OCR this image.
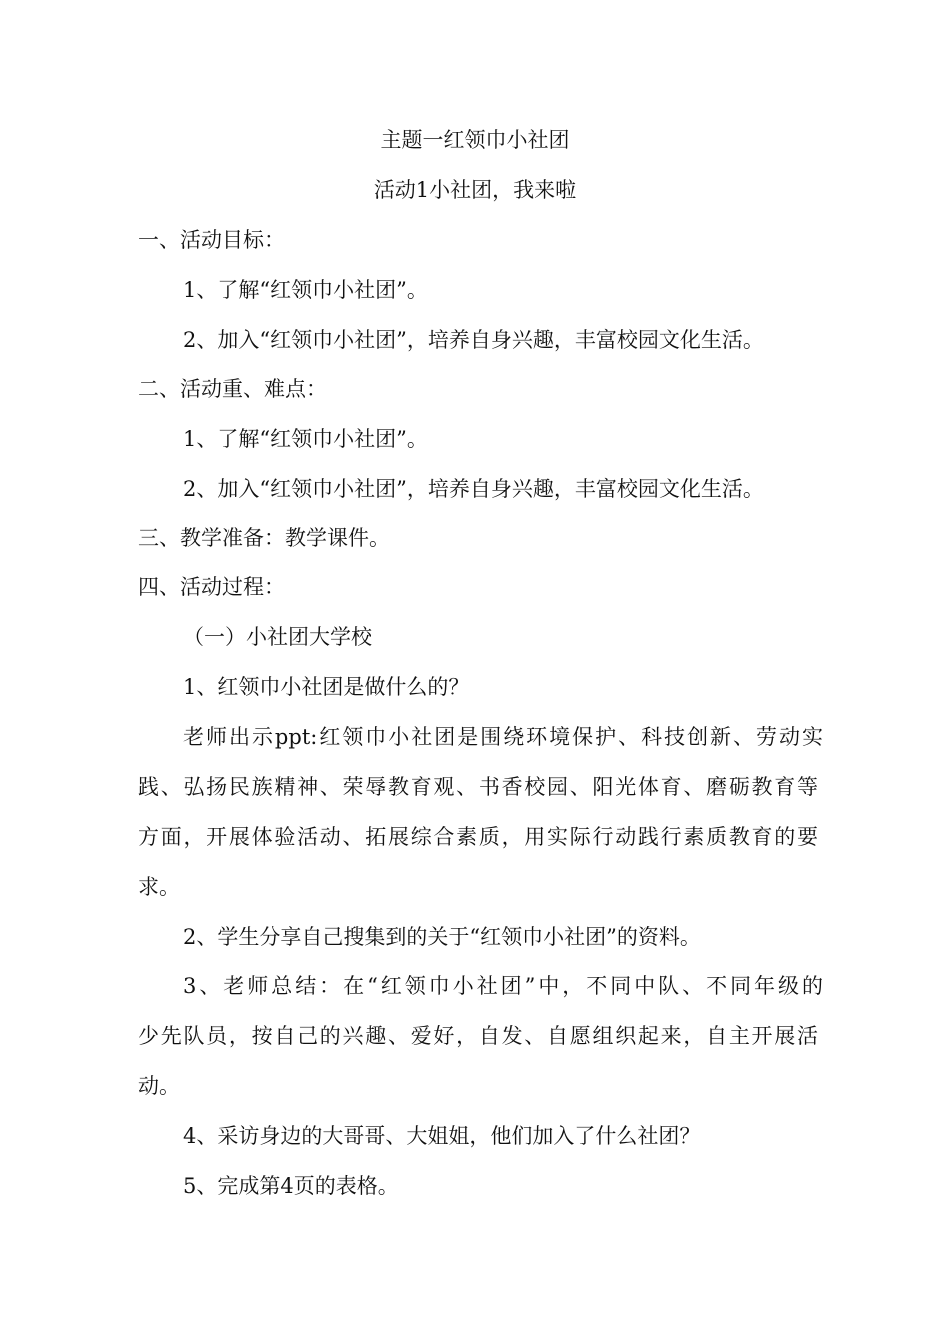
主题一红领巾小社团
活动1小社团，我来啦
一、活动目标：
1、了解“红领巾小社团”。
2、加入“红领巾小社团”，培养自身兴趣，丰富校园文化生活。
二、活动重、难点：
1、了解“红领巾小社团”。
2、加入“红领巾小社团”，培养自身兴趣，丰富校园文化生活。
三、教学准备：教学课件。
四、活动过程：
（一）小社团大学校
1、红领巾小社团是做什么的？
老师出示ppt:红领巾小社团是围绕环境保护、科技创新、劳动实
践、弘扬民族精神、荣辱教育观、书香校园、阳光体育、磨砺教育等
方面，开展体验活动、拓展综合素质，用实际行动践行素质教育的要
求。
2、学生分享自己搜集到的关于“红领巾小社团”的资料。
3、老师总结：在“红领巾小社团”中，不同中队、不同年级的
少先队员，按自己的兴趣、爱好，自发、自愿组织起来，自主开展活
动。
4、采访身边的大哥哥、大姐姐，他们加入了什么社团？
5、完成第4页的表格。
